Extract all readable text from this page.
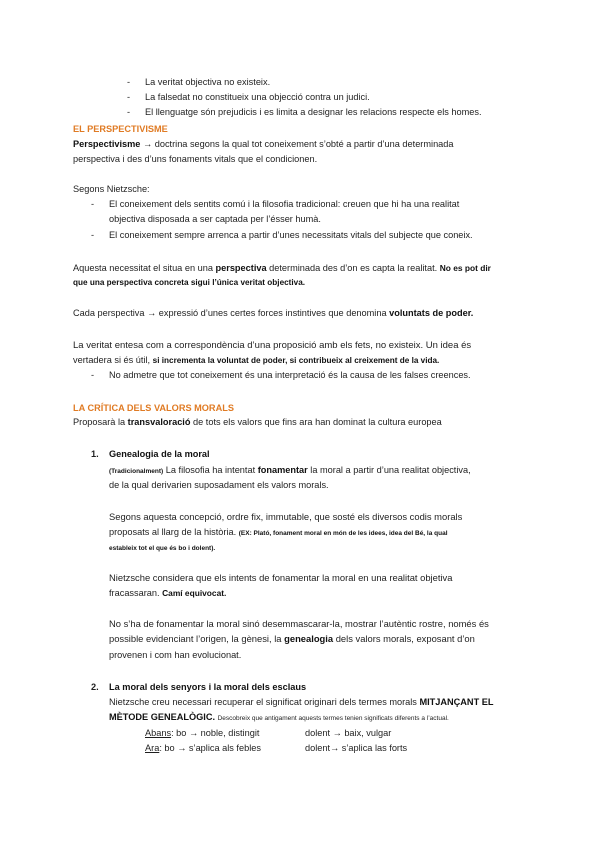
- La veritat objectiva no existeix.
- La falsedat no constitueix una objecció contra un judici.
- El llenguatge són prejudicis i es limita a designar les relacions respecte els homes.
EL PERSPECTIVISME
Perspectivisme → doctrina segons la qual tot coneixement s’obté a partir d’una determinada
perspectiva i des d’uns fonaments vitals que el condicionen.
Segons Nietzsche:
- El coneixement dels sentits comú i la filosofia tradicional: creuen que hi ha una realitat
objectiva disposada a ser captada per l’ésser humà.
- El coneixement sempre arrenca a partir d’unes necessitats vitals del subjecte que coneix.
Aquesta necessitat el situa en una perspectiva determinada des d’on es capta la realitat. No es pot dir
que una perspectiva concreta sigui l’única veritat objectiva.
Cada perspectiva → expressió d’unes certes forces instintives que denomina voluntats de poder.
La veritat entesa com a correspondència d’una proposició amb els fets, no existeix. Un idea és
vertadera si és útil, si incrementa la voluntat de poder, si contribueix al creixement de la vida.
- No admetre que tot coneixement és una interpretació és la causa de les falses creences.
LA CRÍTICA DELS VALORS MORALS
Proposarà la transvaloració de tots els valors que fins ara han dominat la cultura europea
1. Genealogia de la moral
(Tradicionalment) La filosofia ha intentat fonamentar la moral a partir d’una realitat objectiva,
de la qual derivarien suposadament els valors morals.
Segons aquesta concepció, ordre fix, immutable, que sosté els diversos codis morals
proposats al llarg de la història. (EX: Plató, fonament moral en món de les idees, idea del Bé, la qual
estableix tot el que és bo i dolent).
Nietzsche considera que els intents de fonamentar la moral en una realitat objetiva
fracassaran. Camí equivocat.
No s’ha de fonamentar la moral sinó desemmascarar-la, mostrar l’autèntic rostre, només és
possible evidenciant l’origen, la gènesi, la genealogia dels valors morals, exposant d’on
provenen i com han evolucionat.
2. La moral dels senyors i la moral dels esclaus
Nietzsche creu necessari recuperar el significat originari dels termes morals MITJANÇANT EL
MÈTODE GENEALÒGIC. Descobreix que antigament aquests termes tenien significats diferents a l’actual.
Abans: bo → noble, distingit	dolent → baix, vulgar
Ara: bo → s’aplica als febles	dolent→ s’aplica las forts
